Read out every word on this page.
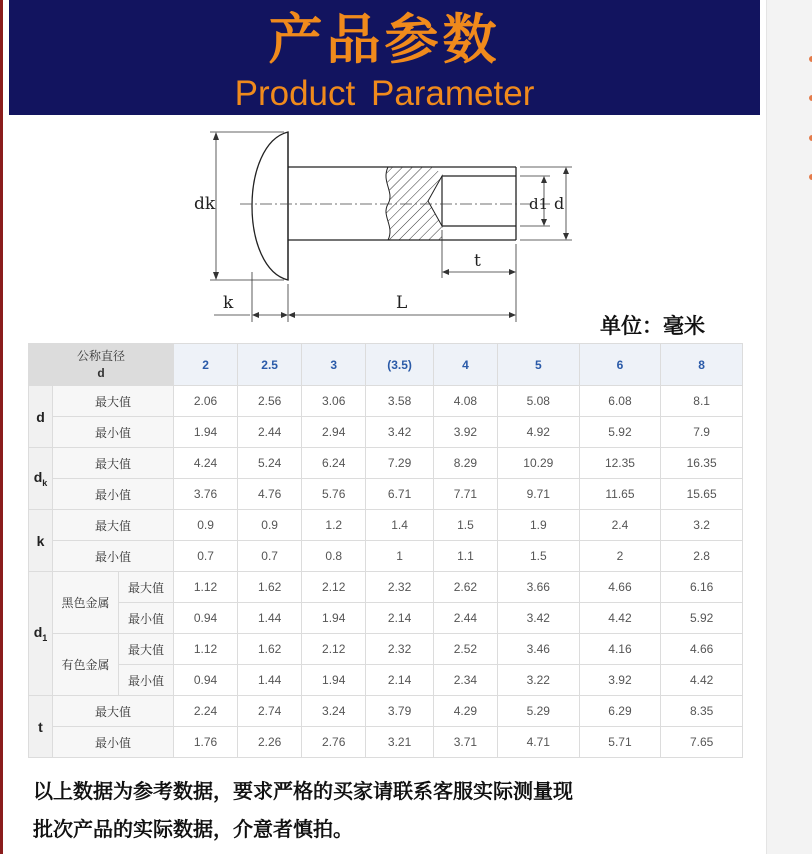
产品参数
Product Parameter
dk	d1 d
t
k	L
单位：毫米
公称直径
d			2	2.5	3	(3.5)	4	5	6	8
d	最大值		2.06	2.56	3.06	3.58	4.08	5.08	6.08	8.1
	最小值		1.94	2.44	2.94	3.42	3.92	4.92	5.92	7.9
$d_k$	最大值		4.24	5.24	6.24	7.29	8.29	10.29	12.35	16.35
	最小值		3.76	4.76	5.76	6.71	7.71	9.71	11.65	15.65
k	最大值		0.9	0.9	1.2	1.4	1.5	1.9	2.4	3.2
	最小值		0.7	0.7	0.8	1	1.1	1.5	2	2.8
$d_1$	黑色金属	最大值	1.12	1.62	2.12	2.32	2.62	3.66	4.66	6.16
		最小值	0.94	1.44	1.94	2.14	2.44	3.42	4.42	5.92
	有色金属	最大值	1.12	1.62	2.12	2.32	2.52	3.46	4.16	4.66
		最小值	0.94	1.44	1.94	2.14	2.34	3.22	3.92	4.42
t	最大值		2.24	2.74	3.24	3.79	4.29	5.29	6.29	8.35
	最小值		1.76	2.26	2.76	3.21	3.71	4.71	5.71	7.65
以上数据为参考数据，要求严格的买家请联系客服实际测量现
批次产品的实际数据，介意者慎拍。
